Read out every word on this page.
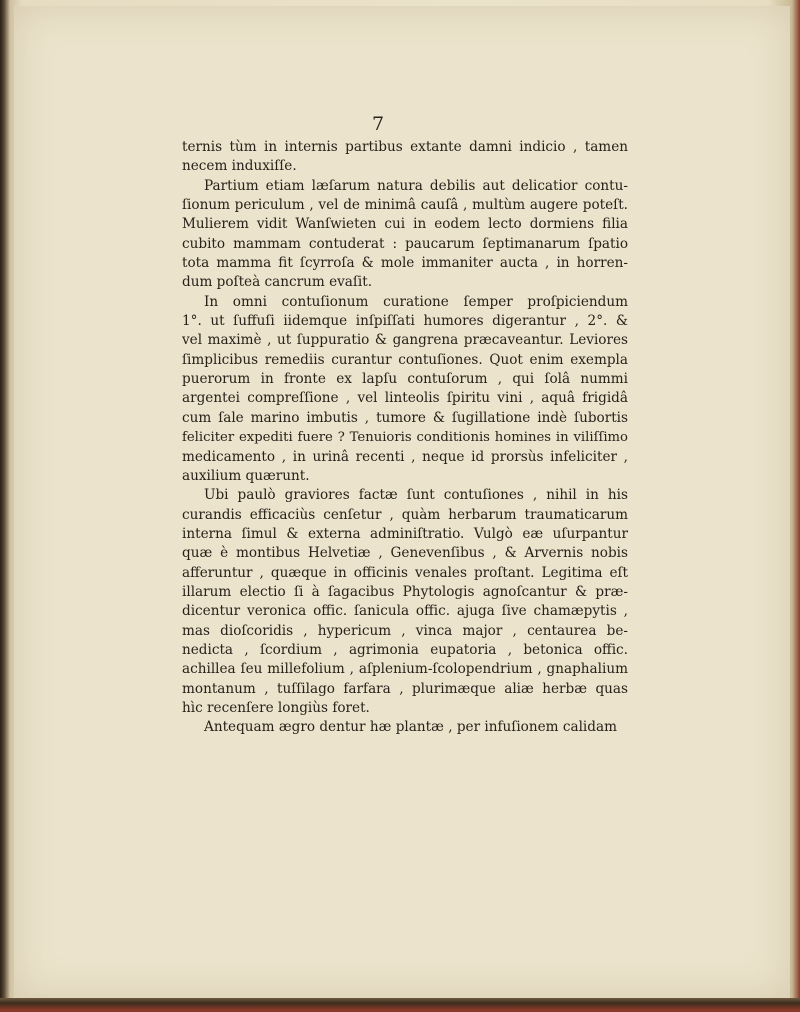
7
ternis tùm in internis partibus extante damni indicio , tamen
necem induxiſſe.
Partium etiam læſarum natura debilis aut delicatior contu-
ſionum periculum , vel de minimâ cauſâ , multùm augere poteſt.
Mulierem vidit Wanſwieten cui in eodem lecto dormiens filia
cubito mammam contuderat : paucarum ſeptimanarum ſpatio
tota mamma fit ſcyrroſa & mole immaniter aucta , in horren-
dum poſteà cancrum evaſit.
In omni contuſionum curatione ſemper proſpiciendum
1°. ut ſuffuſi iidemque inſpiſſati humores digerantur , 2°. &
vel maximè , ut ſuppuratio & gangrena præcaveantur. Leviores
ſimplicibus remediis curantur contuſiones. Quot enim exempla
puerorum in fronte ex lapſu contuſorum , qui ſolâ nummi
argentei compreſſione , vel linteolis ſpiritu vini , aquâ frigidâ
cum ſale marino imbutis , tumore & ſugillatione indè ſubortis
feliciter expediti fuere ? Tenuioris conditionis homines in viliſſimo
medicamento , in urinâ recenti , neque id prorsùs infeliciter ,
auxilium quærunt.
Ubi paulò graviores factæ ſunt contuſiones , nihil in his
curandis efficaciùs cenſetur , quàm herbarum traumaticarum
interna ſimul & externa adminiſtratio. Vulgò eæ uſurpantur
quæ è montibus Helvetiæ , Genevenſibus , & Arvernis nobis
afferuntur , quæque in officinis venales proſtant. Legitima eſt
illarum electio ſi à ſagacibus Phytologis agnoſcantur & præ-
dicentur veronica offic. ſanicula offic. ajuga ſive chamæpytis ,
mas dioſcoridis , hypericum , vinca major , centaurea be-
nedicta , ſcordium , agrimonia eupatoria , betonica offic.
achillea ſeu millefolium , aſplenium-ſcolopendrium , gnaphalium
montanum , tuſſilago farfara , plurimæque aliæ herbæ quas
hìc recenſere longiùs foret.
Antequam ægro dentur hæ plantæ , per infuſionem calidam
